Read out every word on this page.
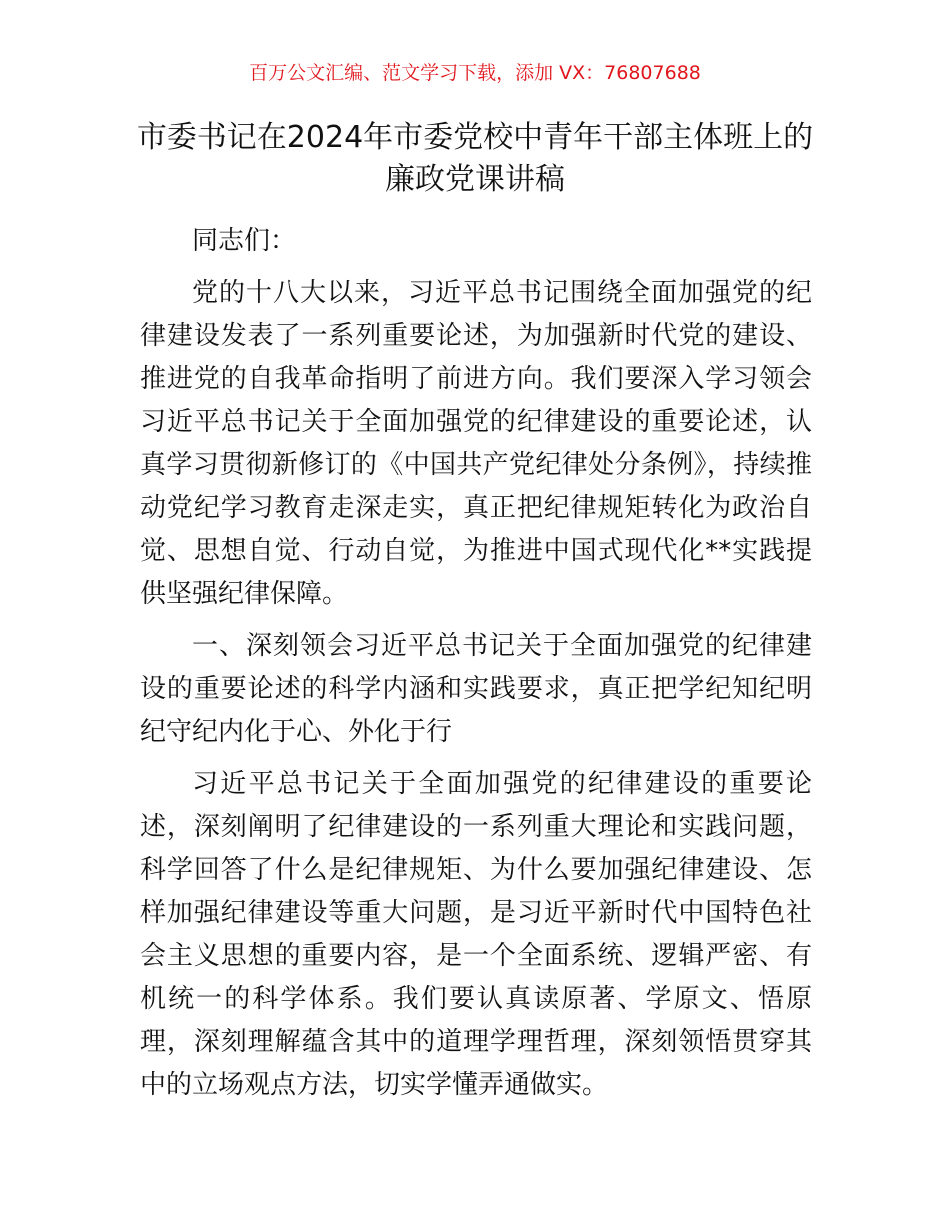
百万公文汇编、范文学习下载，添加 VX：76807688
市委书记在2024年市委党校中青年干部主体班上的廉政党课讲稿

同志们：

党的十八大以来，习近平总书记围绕全面加强党的纪律建设发表了一系列重要论述，为加强新时代党的建设、推进党的自我革命指明了前进方向。我们要深入学习领会习近平总书记关于全面加强党的纪律建设的重要论述，认真学习贯彻新修订的《中国共产党纪律处分条例》，持续推动党纪学习教育走深走实，真正把纪律规矩转化为政治自觉、思想自觉、行动自觉，为推进中国式现代化**实践提供坚强纪律保障。

一、深刻领会习近平总书记关于全面加强党的纪律建设的重要论述的科学内涵和实践要求，真正把学纪知纪明纪守纪内化于心、外化于行

习近平总书记关于全面加强党的纪律建设的重要论述，深刻阐明了纪律建设的一系列重大理论和实践问题，科学回答了什么是纪律规矩、为什么要加强纪律建设、怎样加强纪律建设等重大问题，是习近平新时代中国特色社会主义思想的重要内容，是一个全面系统、逻辑严密、有机统一的科学体系。我们要认真读原著、学原文、悟原理，深刻理解蕴含其中的道理学理哲理，深刻领悟贯穿其中的立场观点方法，切实学懂弄通做实。
